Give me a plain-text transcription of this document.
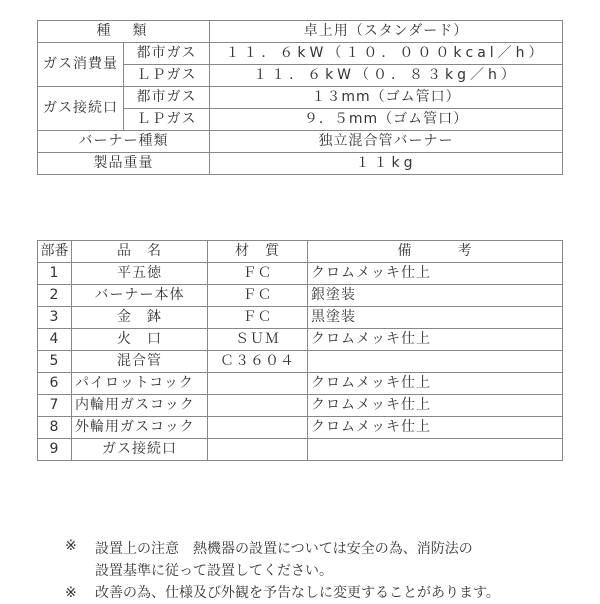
種　類		卓上用（スタンダード）
ガス消費量	都市ガス	１１．６kW（１０．０００kcal／h）
	ＬＰガス	１１．６kW（０．８３kg／h）
ガス接続口	都市ガス	１３mm（ゴム管口）
	ＬＰガス	９．５mm（ゴム管口）
バーナー種類		独立混合管バーナー
製品重量		１１kg
部番	品　名	材　質	備　　　考
1	平五徳	ＦＣ	クロムメッキ仕上
2	バーナー本体	ＦＣ	銀塗装
3	金　鉢	ＦＣ	黒塗装
4	火　口	ＳＵＭ	クロムメッキ仕上
5	混合管	Ｃ３６０４	
6	パイロットコック		クロムメッキ仕上
7	内輪用ガスコック		クロムメッキ仕上
8	外輪用ガスコック		クロムメッキ仕上
9	ガス接続口		
※ 設置上の注意　熱機器の設置については安全の為、消防法の
設置基準に従って設置してください。
※ 改善の為、仕様及び外観を予告なしに変更することがあります。
